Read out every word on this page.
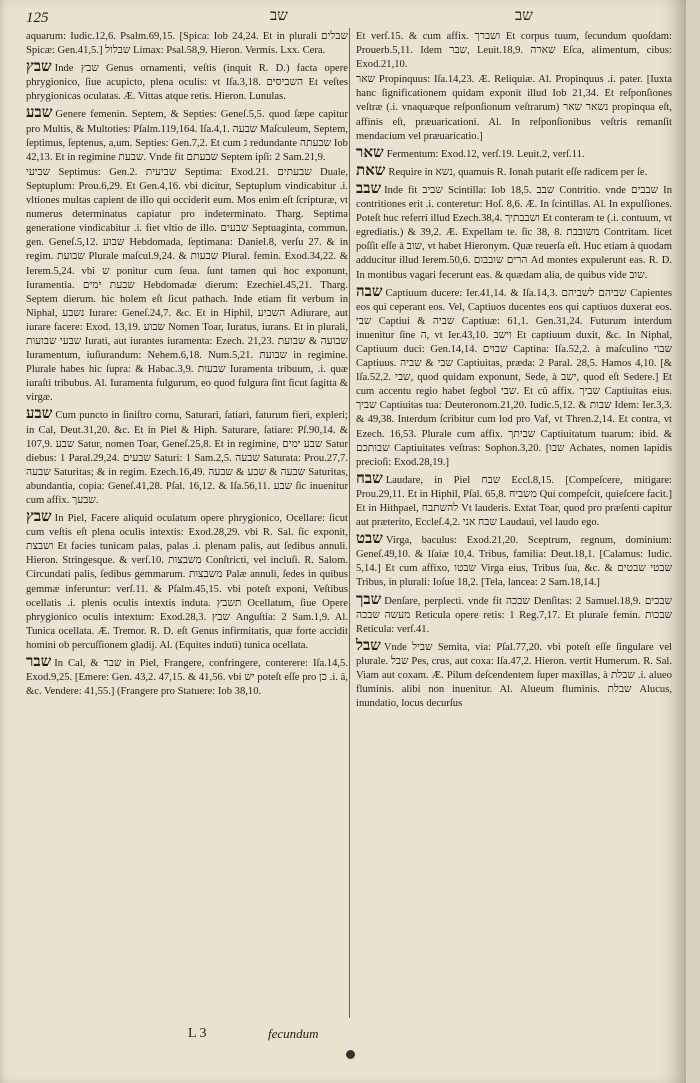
125	שב	שב

aquarum: Iudic.12,6. Psalm.69,15. [Spica: Iob 24,24. Et in plurali שבלים Spicæ: Gen.41,5.] שבלול Limax: Psal.58,9. Hieron. Vermis. Lxx. Cera.

שבץ Inde שבץ Genus ornamenti, veſtis (inquit R. D.) facta opere phrygionico, ſiue acupicto, plena oculis: vt Iſa.3,18. השביסים Et veſtes phrygionicas oculatas. Æ. Vittas atque retis. Hieron. Lunulas.

שבע Genere femenin. Septem, & Septies: Geneſ.5,5. quod ſæpe capitur pro Multis, & Multoties: Pſalm.119,164. Iſa.4,1. שבעה Maſculeum, Septem, ſeptimus, ſeptenus, a,um. Septies: Gen.7,2. Et cum ג redundante שבעתה Iob 42,13. Et in regimine שבעת. Vnde fit שבעתם Septem ipſi: 2 Sam.21,9.

שביעי Septimus: Gen.2. שביעית Septima: Exod.21. שבעתים Duale, Septuplum: Prou.6,29. Et Gen.4,16. vbi dicitur, Septuplum vindicabitur .i. vltiones multas capient de illo qui occiderit eum. Mos enim eſt ſcripturæ, vt numerus determinatus capiatur pro indeterminato. Tharg. Septima generatione vindicabitur .i. fiet vltio de illo. שבעים Septuaginta, commun. gen. Geneſ.5,12. שבוע Hebdomada, ſeptimana: Daniel.8, verſu 27. & in regim. שבועת Plurale maſcul.9,24. & שבעות Plural. femin. Exod.34,22. & Ierem.5,24. vbi ש ponitur cum ſeua. ſunt tamen qui hoc exponunt, Iuramentia. שבעת ימים Hebdomadæ dierum: Ezechiel.45,21. Tharg. Septem dierum. hic holem eſt ſicut pathach. Inde etiam fit verbum in Niphal, נשבע Iurare: Geneſ.24,7. &c. Et in Hiphil, השביע Adiurare, aut iurare facere: Exod. 13,19. שבוע Nomen Toar, Iuratus, iurans. Et in plurali, שבעי שבועות Iurati, aut iurantes iuramenta: Ezech. 21,23. שבועה & שבועת Iuramentum, iuſiurandum: Nehem.6,18. Num.5,21. שבועת in regimine. Plurale habes hic ſupra: & Habac.3,9. שבעות Iuramenta tribuum, .i. quæ iuraſti tribubus. Al. Iuramenta fulgurum, eo quod fulgura ſint ſicut ſagitta & virgæ.

שבע Cum puncto in ſiniſtro cornu, Saturari, ſatiari, faturum fieri, expleri; in Cal, Deut.31,20. &c. Et in Piel & Hiph. Saturare, ſatiare: Pſ.90,14. & 107,9. שבע Satur, nomen Toar, Geneſ.25,8. Et in regimine, שבע ימים Satur diebus: 1 Paral.29,24. שבעים Saturi: 1 Sam.2,5. שבעה Saturata: Prou.27,7. שבעה Saturitas; & in regim. Ezech.16,49. שבעה & שבע & שבעה Saturitas, abundantia, copia: Geneſ.41,28. Pſal. 16,12. & Iſa.56,11. שבע ſic inuenitur cum affix. שבעך.

שבץ In Piel, Facere aliquid oculatum opere phrygionico, Ocellare: ſicut cum veſtis eſt plena oculis intextis: Exod.28,29. vbi R. Sal. ſic exponit, ושבצת Et facies tunicam palas, palas .i. plenam palis, aut ſedibus annuli. Hieron. Stringesque. & verſ.10. משבצות Conſtricti, vel incluſi. R. Salom. Circundati palis, ſedibus gemmarum. משבצות Palæ annuli, ſedes in quibus gemmæ inferuntur: verſ.11. & Pſalm.45,15. vbi poteſt exponi, Veſtibus ocellatis .i. plenis oculis intextis induta. תשבץ Ocellatum, ſiue Opere phrygionico oculis intextum: Exod.28,3. שבץ Anguſtia: 2 Sam.1,9. Al. Tunica ocellata. Æ. Tremor. R. D. eſt Genus infirmitatis, quæ forte accidit homini ob percuſſionem gladij. Al. (Equites induti) tunica ocellata.

שבר In Cal, & שבר in Piel, Frangere, confringere, conterere: Iſa.14,5. Exod.9,25. [Emere: Gen. 43,2. 47,15. & 41,56. vbi יש poteſt eſſe pro כן .i. ä, &c. Vendere: 41,55.] (Frangere pro Statuere: Iob 38,10.

Et verſ.15. & cum affix. ושברך Et corpus tuum, ſecundum quoſdam: Prouerb.5,11. Idem שבר, Leuit.18,9. שארה Eſca, alimentum, cibus: Exod.21,10.

שאר Propinquus: Iſa.14,23. Æ. Reliquiæ. Al. Propinquus .i. pater. [Iuxta hanc ſignificationem quidam exponit illud Iob 21,34. Et reſponſiones veſtræ (.i. vnaquæque reſponſionum veſtrarum) נשאר שאר propinqua eſt, affinis eſt, præuaricationi. Al. In reſponſionibus veſtris remanſit mendacium vel præuaricatio.]

שאר Fermentum: Exod.12, verſ.19. Leuit.2, verſ.11.

שאת Require in נשא, quamuis R. Ionah putarit eſſe radicem per ſe.

שבב Inde fit שביב Scintilla: Iob 18,5. שבב Contritio. vnde שבבים In contritiones erit .i. conteretur: Hoſ. 8,6. Æ. In ſcintillas. Al. In expulſiones. Poteſt huc referri illud Ezech.38,4. ושבבתיך Et conteram te (.i. contuum, vt egrediatis.) & 39,2. Æ. Expellam te. ſic 38, 8. משובבת Contritam. licet poſſit eſſe à שוב, vt habet Hieronym. Quæ reuerſa eſt. Huc etiam à quodam adducitur illud Ierem.50,6. הרים שובבום Ad montes expulerunt eas. R. D. In montibus vagari fecerunt eas. & quædam alia, de quibus vide שוב.

שבה Captiuum ducere: Ier.41,14. & Iſa.14,3. שביהם לשביהם Capientes eos qui ceperant eos. Vel, Captiuos ducentes eos qui captiuos duxerat eos. שבי Captiui & שביה Captiuæ: 61,1. Gen.31,24. Futurum interdum inuenitur ſine ה, vt Ier.43,10. וישב Et captiuum duxit, &c. In Niphal, Captiuum duci: Gen.14,14. שבוים Captina: Iſa.52,2. à maſculino שבוי Captiuus. שבי & שביה Captiuitas, præda: 2 Paral. 28,5. Hamos 4,10. [& Iſa.52,2. שבי, quod quidam exponunt, Sede, à ישב, quod eſt Sedere.] Et cum accentu regio habet ſegbol שבי. Et cũ affix. שביך Captiuitas eius. שביך Captiuitas tua: Deuteronom.21,20. Iudic.5,12. & שבות Idem: Ier.3,3. & 49,38. Interdum ſcribitur cum lod pro Vaf, vt Thren.2,14. Et contra, vt Ezech. 16,53. Plurale cum affix. שביתך Captiuitatum tuarum: ibid. & שבותכם Captiuitates veſtras: Sophon.3,20. [שבו Achates, nomen lapidis precioſi: Exod.28,19.]

שבח Laudare, in Piel שבח Eccl.8,15. [Compeſcere, mitigare: Prou.29,11. Et in Hiphil, Pſal. 65,8. משביח Qui compeſcit, quieſcere facit.] Et in Hithpael, להשתבח Vt lauderis. Extat Toar, quod pro præſenti capitur aut præterito, Eccleſ.4,2. שבח אני Laudaui, vel laudo ego.

שבט Virga, baculus: Exod.21,20. Sceptrum, regnum, dominium: Geneſ.49,10. & Iſaiæ 10,4. Tribus, familia: Deut.18,1. [Calamus: Iudic. 5,14.] Et cum affixo, שבטו Virga eius, Tribus ſua, &c. & שבטי שבטים Tribus, in plurali: Ioſue 18,2. [Tela, lancea: 2 Sam.18,14.]

שבך Denſare, perplecti. vnde fit שבכה Denſitas: 2 Samuel.18,9. שבכים מעשה שבכה Reticula opere retis: 1 Reg.7,17. Et plurale femin. שבכות Reticula: verſ.41.

שבל Vnde שביל Semita, via: Pſal.77,20. vbi poteſt eſſe ſingulare vel plurale. שבל Pes, crus, aut coxa: Iſa.47,2. Hieron. vertit Humerum. R. Sal. Viam aut coxam. Æ. Pilum deſcendentem ſuper maxillas, à שבלת .i. alueo fluminis. alibi non inuenitur. Al. Alueum fluminis. שבלת Alucus, inundatio, locus decurſus

L 3	fecundum
